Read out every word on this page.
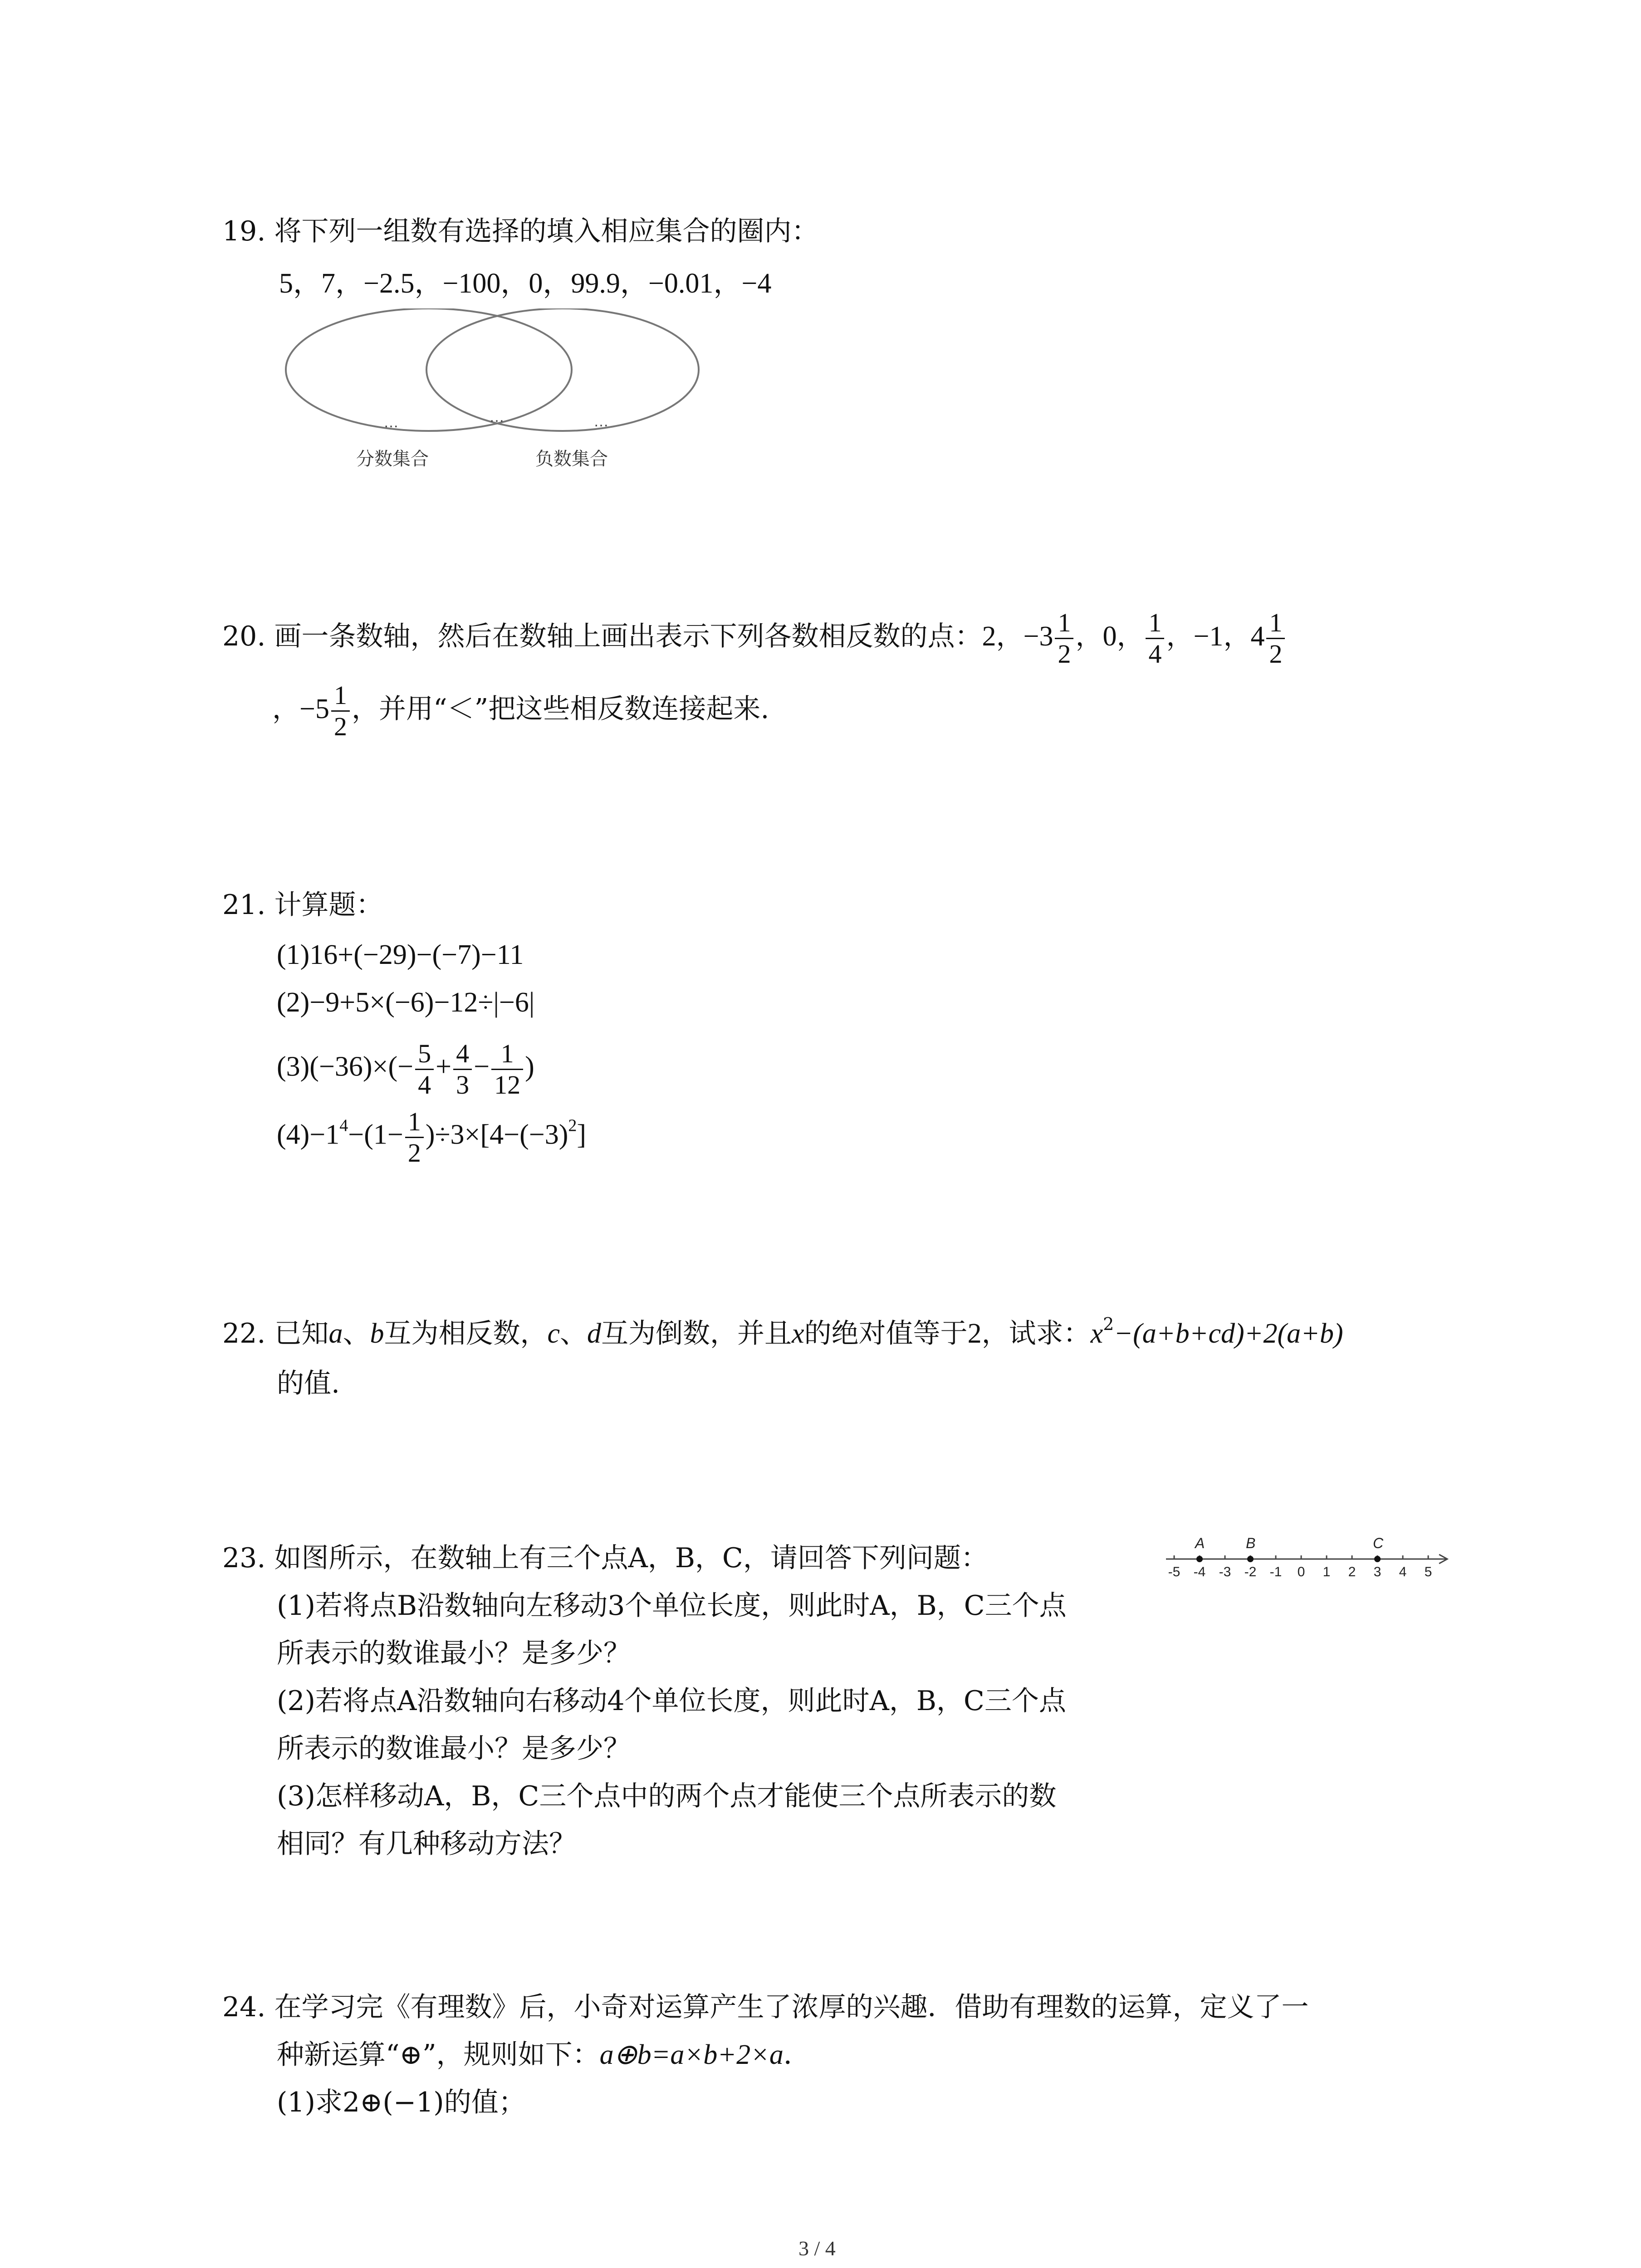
19. 将下列一组数有选择的填入相应集合的圈内：
5，7，−2.5，−100，0，99.9，−0.01，−4
…	…	…
分数集合	负数集合
20. 画一条数轴，然后在数轴上画出表示下列各数相反数的点：2，$-3 \frac{1}{2}$ ，0， $\frac{1}{4}$ ，−1，$4 \frac{1}{2}$
，$-5 \frac{1}{2}$ ，并用“＜”把这些相反数连接起来.
21. 计算题：
(1)16+(−29)−(−7)−11
(2)−9+5×(−6)−12÷|−6|
$(3)(-36)\times(- \frac{5}{4} + \frac{4}{3} - \frac{1}{12}$ )
$(4)-1^4-(1- \frac{1}{2} )\div 3\times[4-(-3)^2]$
22. 已知a、b互为相反数，c、d互为倒数，并且x的绝对值等于2，试求：$x^2-(a+b+cd)+2(a+b)$
的值.
23. 如图所示，在数轴上有三个点A，B，C，请回答下列问题：
(1)若将点B沿数轴向左移动3个单位长度，则此时A，B，C三个点
所表示的数谁最小？是多少？
(2)若将点A沿数轴向右移动4个单位长度，则此时A，B，C三个点
所表示的数谁最小？是多少？
(3)怎样移动A，B，C三个点中的两个点才能使三个点所表示的数
相同？有几种移动方法？
-5 -4 -3 -2 -1 0 1 2 3 4 5
A	B	C
24. 在学习完《有理数》后，小奇对运算产生了浓厚的兴趣．借助有理数的运算，定义了一
种新运算“⊕”，规则如下：a⊕b=a×b+2×a．
(1)求2⊕(−1)的值；
3 / 4
